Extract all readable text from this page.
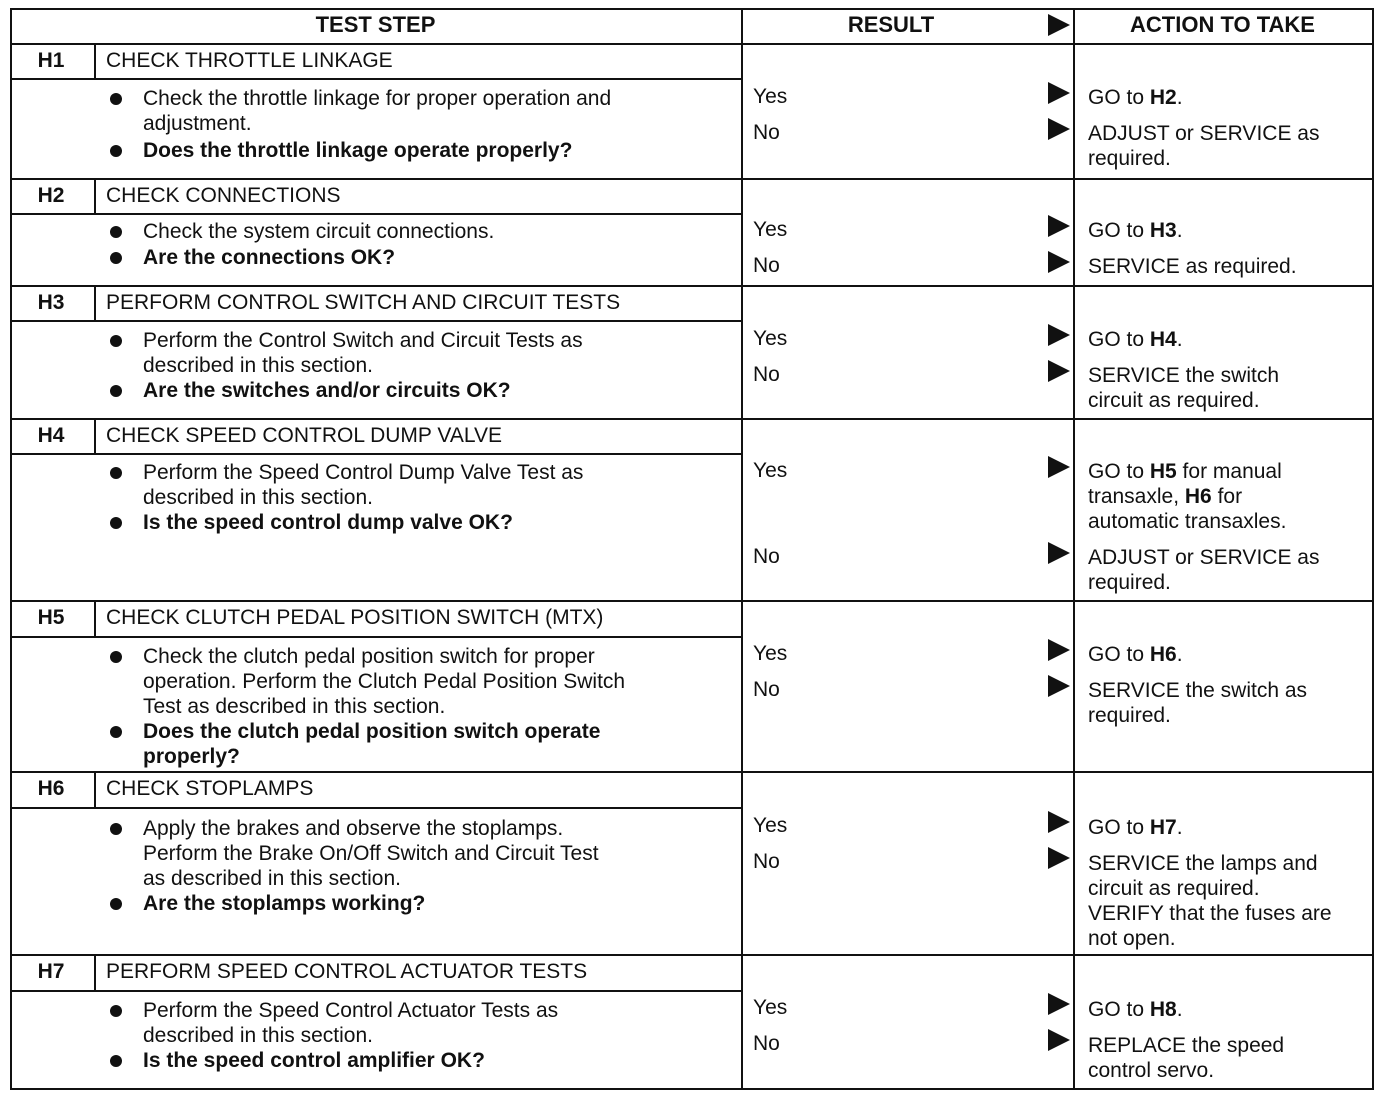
TEST STEP	RESULT	ACTION TO TAKE
H1	CHECK THROTTLE LINKAGE
Check the throttle linkage for proper operation and
adjustment.
Does the throttle linkage operate properly?
Yes	GO to H2.
No	ADJUST or SERVICE as
required.
H2	CHECK CONNECTIONS
Check the system circuit connections.
Are the connections OK?
Yes	GO to H3.
No	SERVICE as required.
H3	PERFORM CONTROL SWITCH AND CIRCUIT TESTS
Perform the Control Switch and Circuit Tests as
described in this section.
Are the switches and/or circuits OK?
Yes	GO to H4.
No	SERVICE the switch
circuit as required.
H4	CHECK SPEED CONTROL DUMP VALVE
Perform the Speed Control Dump Valve Test as
described in this section.
Is the speed control dump valve OK?
Yes	GO to H5 for manual
transaxle, H6 for
automatic transaxles.
No	ADJUST or SERVICE as
required.
H5	CHECK CLUTCH PEDAL POSITION SWITCH (MTX)
Check the clutch pedal position switch for proper
operation. Perform the Clutch Pedal Position Switch
Test as described in this section.
Does the clutch pedal position switch operate
properly?
Yes	GO to H6.
No	SERVICE the switch as
required.
H6	CHECK STOPLAMPS
Apply the brakes and observe the stoplamps.
Perform the Brake On/Off Switch and Circuit Test
as described in this section.
Are the stoplamps working?
Yes	GO to H7.
No	SERVICE the lamps and
circuit as required.
VERIFY that the fuses are
not open.
H7	PERFORM SPEED CONTROL ACTUATOR TESTS
Perform the Speed Control Actuator Tests as
described in this section.
Is the speed control amplifier OK?
Yes	GO to H8.
No	REPLACE the speed
control servo.
